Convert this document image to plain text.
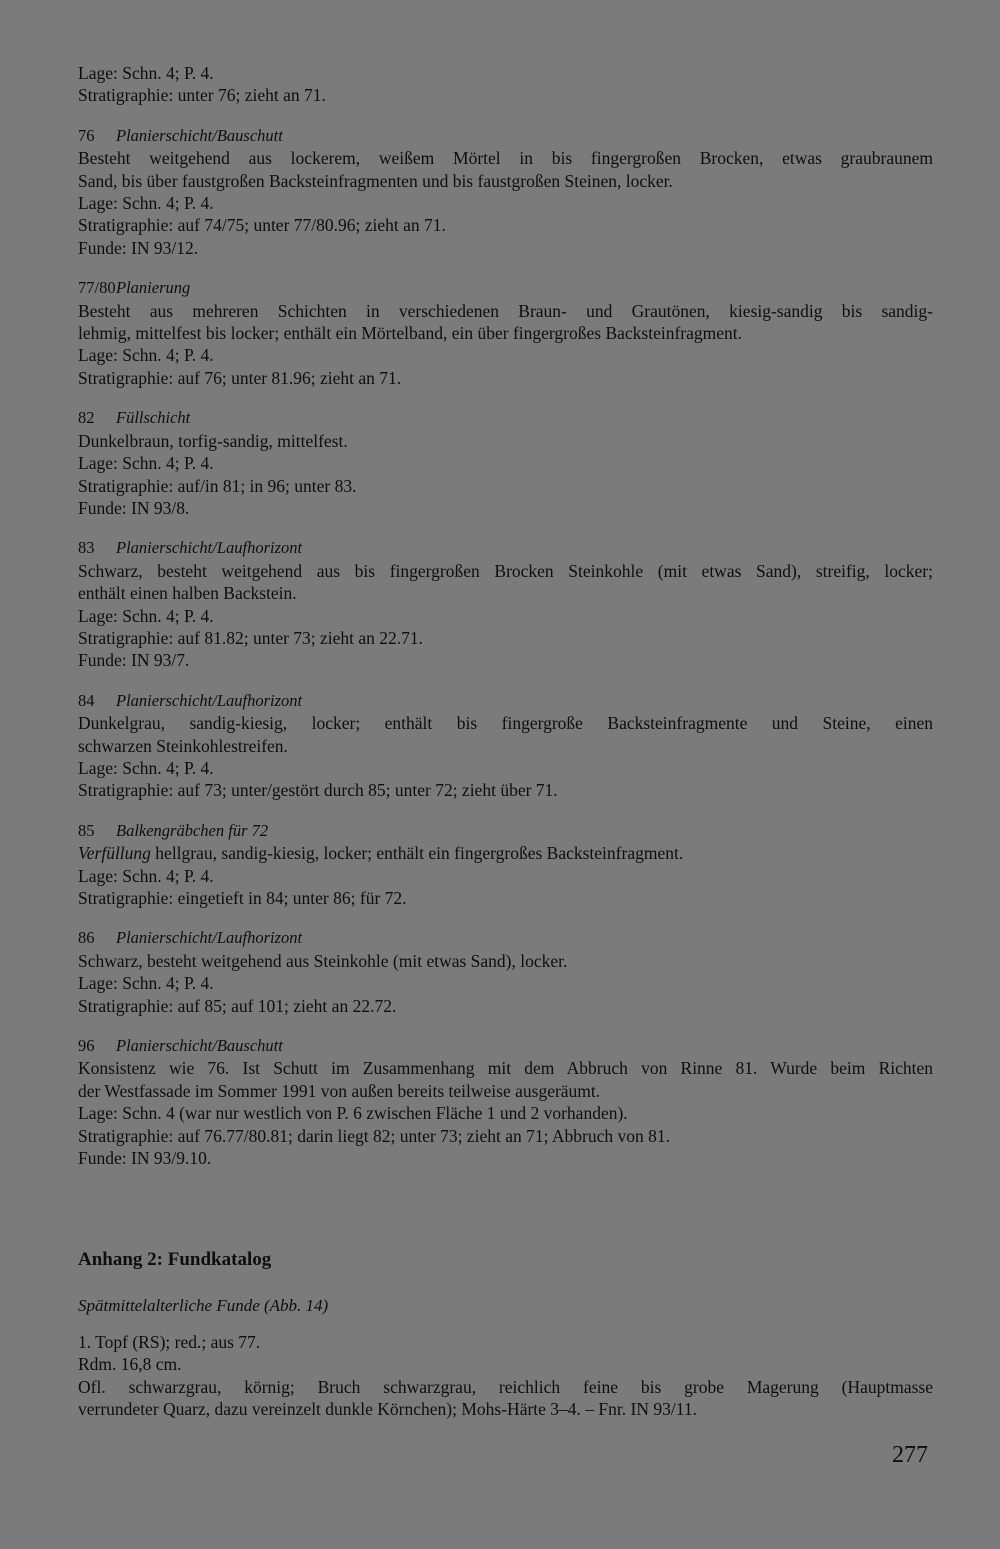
Lage: Schn. 4; P. 4.
Stratigraphie: unter 76; zieht an 71.
76 Planierschicht/Bauschutt
Besteht weitgehend aus lockerem, weißem Mörtel in bis fingergroßen Brocken, etwas graubraunem
Sand, bis über faustgroßen Backsteinfragmenten und bis faustgroßen Steinen, locker.
Lage: Schn. 4; P. 4.
Stratigraphie: auf 74/75; unter 77/80.96; zieht an 71.
Funde: IN 93/12.
77/80Planierung
Besteht aus mehreren Schichten in verschiedenen Braun- und Grautönen, kiesig-sandig bis sandig-
lehmig, mittelfest bis locker; enthält ein Mörtelband, ein über fingergroßes Backsteinfragment.
Lage: Schn. 4; P. 4.
Stratigraphie: auf 76; unter 81.96; zieht an 71.
82 Füllschicht
Dunkelbraun, torfig-sandig, mittelfest.
Lage: Schn. 4; P. 4.
Stratigraphie: auf/in 81; in 96; unter 83.
Funde: IN 93/8.
83 Planierschicht/Laufhorizont
Schwarz, besteht weitgehend aus bis fingergroßen Brocken Steinkohle (mit etwas Sand), streifig, locker;
enthält einen halben Backstein.
Lage: Schn. 4; P. 4.
Stratigraphie: auf 81.82; unter 73; zieht an 22.71.
Funde: IN 93/7.
84 Planierschicht/Laufhorizont
Dunkelgrau, sandig-kiesig, locker; enthält bis fingergroße Backsteinfragmente und Steine, einen
schwarzen Steinkohlestreifen.
Lage: Schn. 4; P. 4.
Stratigraphie: auf 73; unter/gestört durch 85; unter 72; zieht über 71.
85 Balkengräbchen für 72
Verfüllung hellgrau, sandig-kiesig, locker; enthält ein fingergroßes Backsteinfragment.
Lage: Schn. 4; P. 4.
Stratigraphie: eingetieft in 84; unter 86; für 72.
86 Planierschicht/Laufhorizont
Schwarz, besteht weitgehend aus Steinkohle (mit etwas Sand), locker.
Lage: Schn. 4; P. 4.
Stratigraphie: auf 85; auf 101; zieht an 22.72.
96 Planierschicht/Bauschutt
Konsistenz wie 76. Ist Schutt im Zusammenhang mit dem Abbruch von Rinne 81. Wurde beim Richten
der Westfassade im Sommer 1991 von außen bereits teilweise ausgeräumt.
Lage: Schn. 4 (war nur westlich von P. 6 zwischen Fläche 1 und 2 vorhanden).
Stratigraphie: auf 76.77/80.81; darin liegt 82; unter 73; zieht an 71; Abbruch von 81.
Funde: IN 93/9.10.
Anhang 2: Fundkatalog
Spätmittelalterliche Funde (Abb. 14)
1. Topf (RS); red.; aus 77.
Rdm. 16,8 cm.
Ofl. schwarzgrau, körnig; Bruch schwarzgrau, reichlich feine bis grobe Magerung (Hauptmasse
verrundeter Quarz, dazu vereinzelt dunkle Körnchen); Mohs-Härte 3–4. – Fnr. IN 93/11.
277
